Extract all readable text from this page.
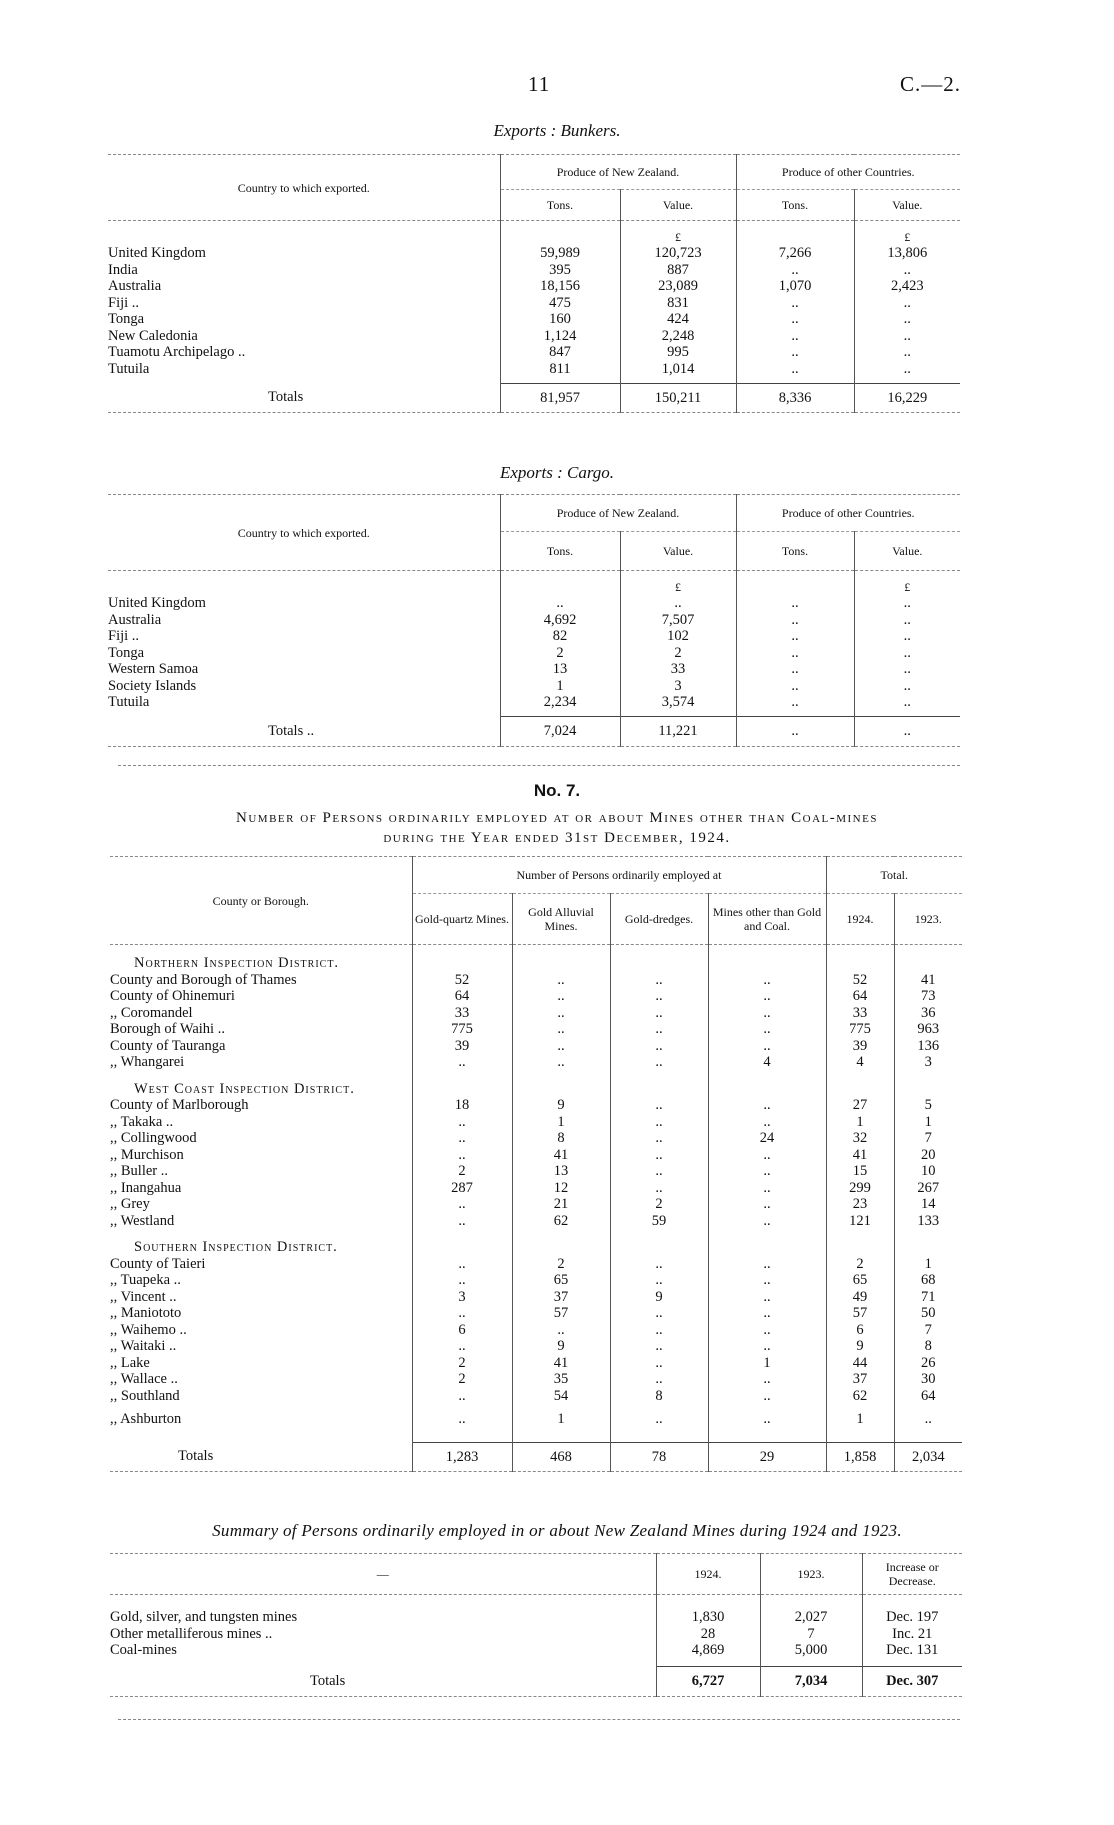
11	C.—2.
Exports : Bunkers.
Country to which exported.	Produce of New Zealand.		Produce of other Countries.	
	Tons.	Value.	Tons.	Value.
		£		£
United Kingdom	59,989	120,723	7,266	13,806
India	395	887	..	..
Australia	18,156	23,089	1,070	2,423
Fiji ..	475	831	..	..
Tonga	160	424	..	..
New Caledonia	1,124	2,248	..	..
Tuamotu Archipelago ..	847	995	..	..
Tutuila	811	1,014	..	..

Totals	81,957	150,211	8,336	16,229
Exports : Cargo.
Country to which exported.	Produce of New Zealand.		Produce of other Countries.	
	Tons.	Value.	Tons.	Value.
		£		£
United Kingdom	..	..	..	..
Australia	4,692	7,507	..	..
Fiji ..	82	102	..	..
Tonga	2	2	..	..
Western Samoa	13	33	..	..
Society Islands	1	3	..	..
Tutuila	2,234	3,574	..	..

Totals ..	7,024	11,221	..	..
No. 7.
Number of Persons ordinarily employed at or about Mines other than Coal-mines
during the Year ended 31st December, 1924.
County or Borough.	Number of Persons ordinarily employed at				Total.	
	Gold-quartz Mines.	Gold Alluvial Mines.	Gold-dredges.	Mines other than Gold and Coal.	1924.	1923.
Northern Inspection District.						
County and Borough of Thames	52	..	..	..	52	41
County of Ohinemuri	64	..	..	..	64	73
,, Coromandel	33	..	..	..	33	36
Borough of Waihi ..	775	..	..	..	775	963
County of Tauranga	39	..	..	..	39	136
,, Whangarei	..	..	..	4	4	3
West Coast Inspection District.						
County of Marlborough	18	9	..	..	27	5
,, Takaka ..	..	1	..	..	1	1
,, Collingwood	..	8	..	24	32	7
,, Murchison	..	41	..	..	41	20
,, Buller ..	2	13	..	..	15	10
,, Inangahua	287	12	..	..	299	267
,, Grey	..	21	2	..	23	14
,, Westland	..	62	59	..	121	133
Southern Inspection District.						
County of Taieri	..	2	..	..	2	1
,, Tuapeka ..	..	65	..	..	65	68
,, Vincent ..	3	37	9	..	49	71
,, Maniototo	..	57	..	..	57	50
,, Waihemo ..	6	..	..	..	6	7
,, Waitaki ..	..	9	..	..	9	8
,, Lake	2	41	..	1	44	26
,, Wallace ..	2	35	..	..	37	30
,, Southland	..	54	8	..	62	64
,, Ashburton	..	1	..	..	1	..

Totals	1,283	468	78	29	1,858	2,034
Summary of Persons ordinarily employed in or about New Zealand Mines during 1924 and 1923.
—	1924.	1923.	Increase or Decrease.

Gold, silver, and tungsten mines	1,830	2,027	Dec. 197
Other metalliferous mines ..	28	7	Inc. 21
Coal-mines	4,869	5,000	Dec. 131

Totals	6,727	7,034	Dec. 307
